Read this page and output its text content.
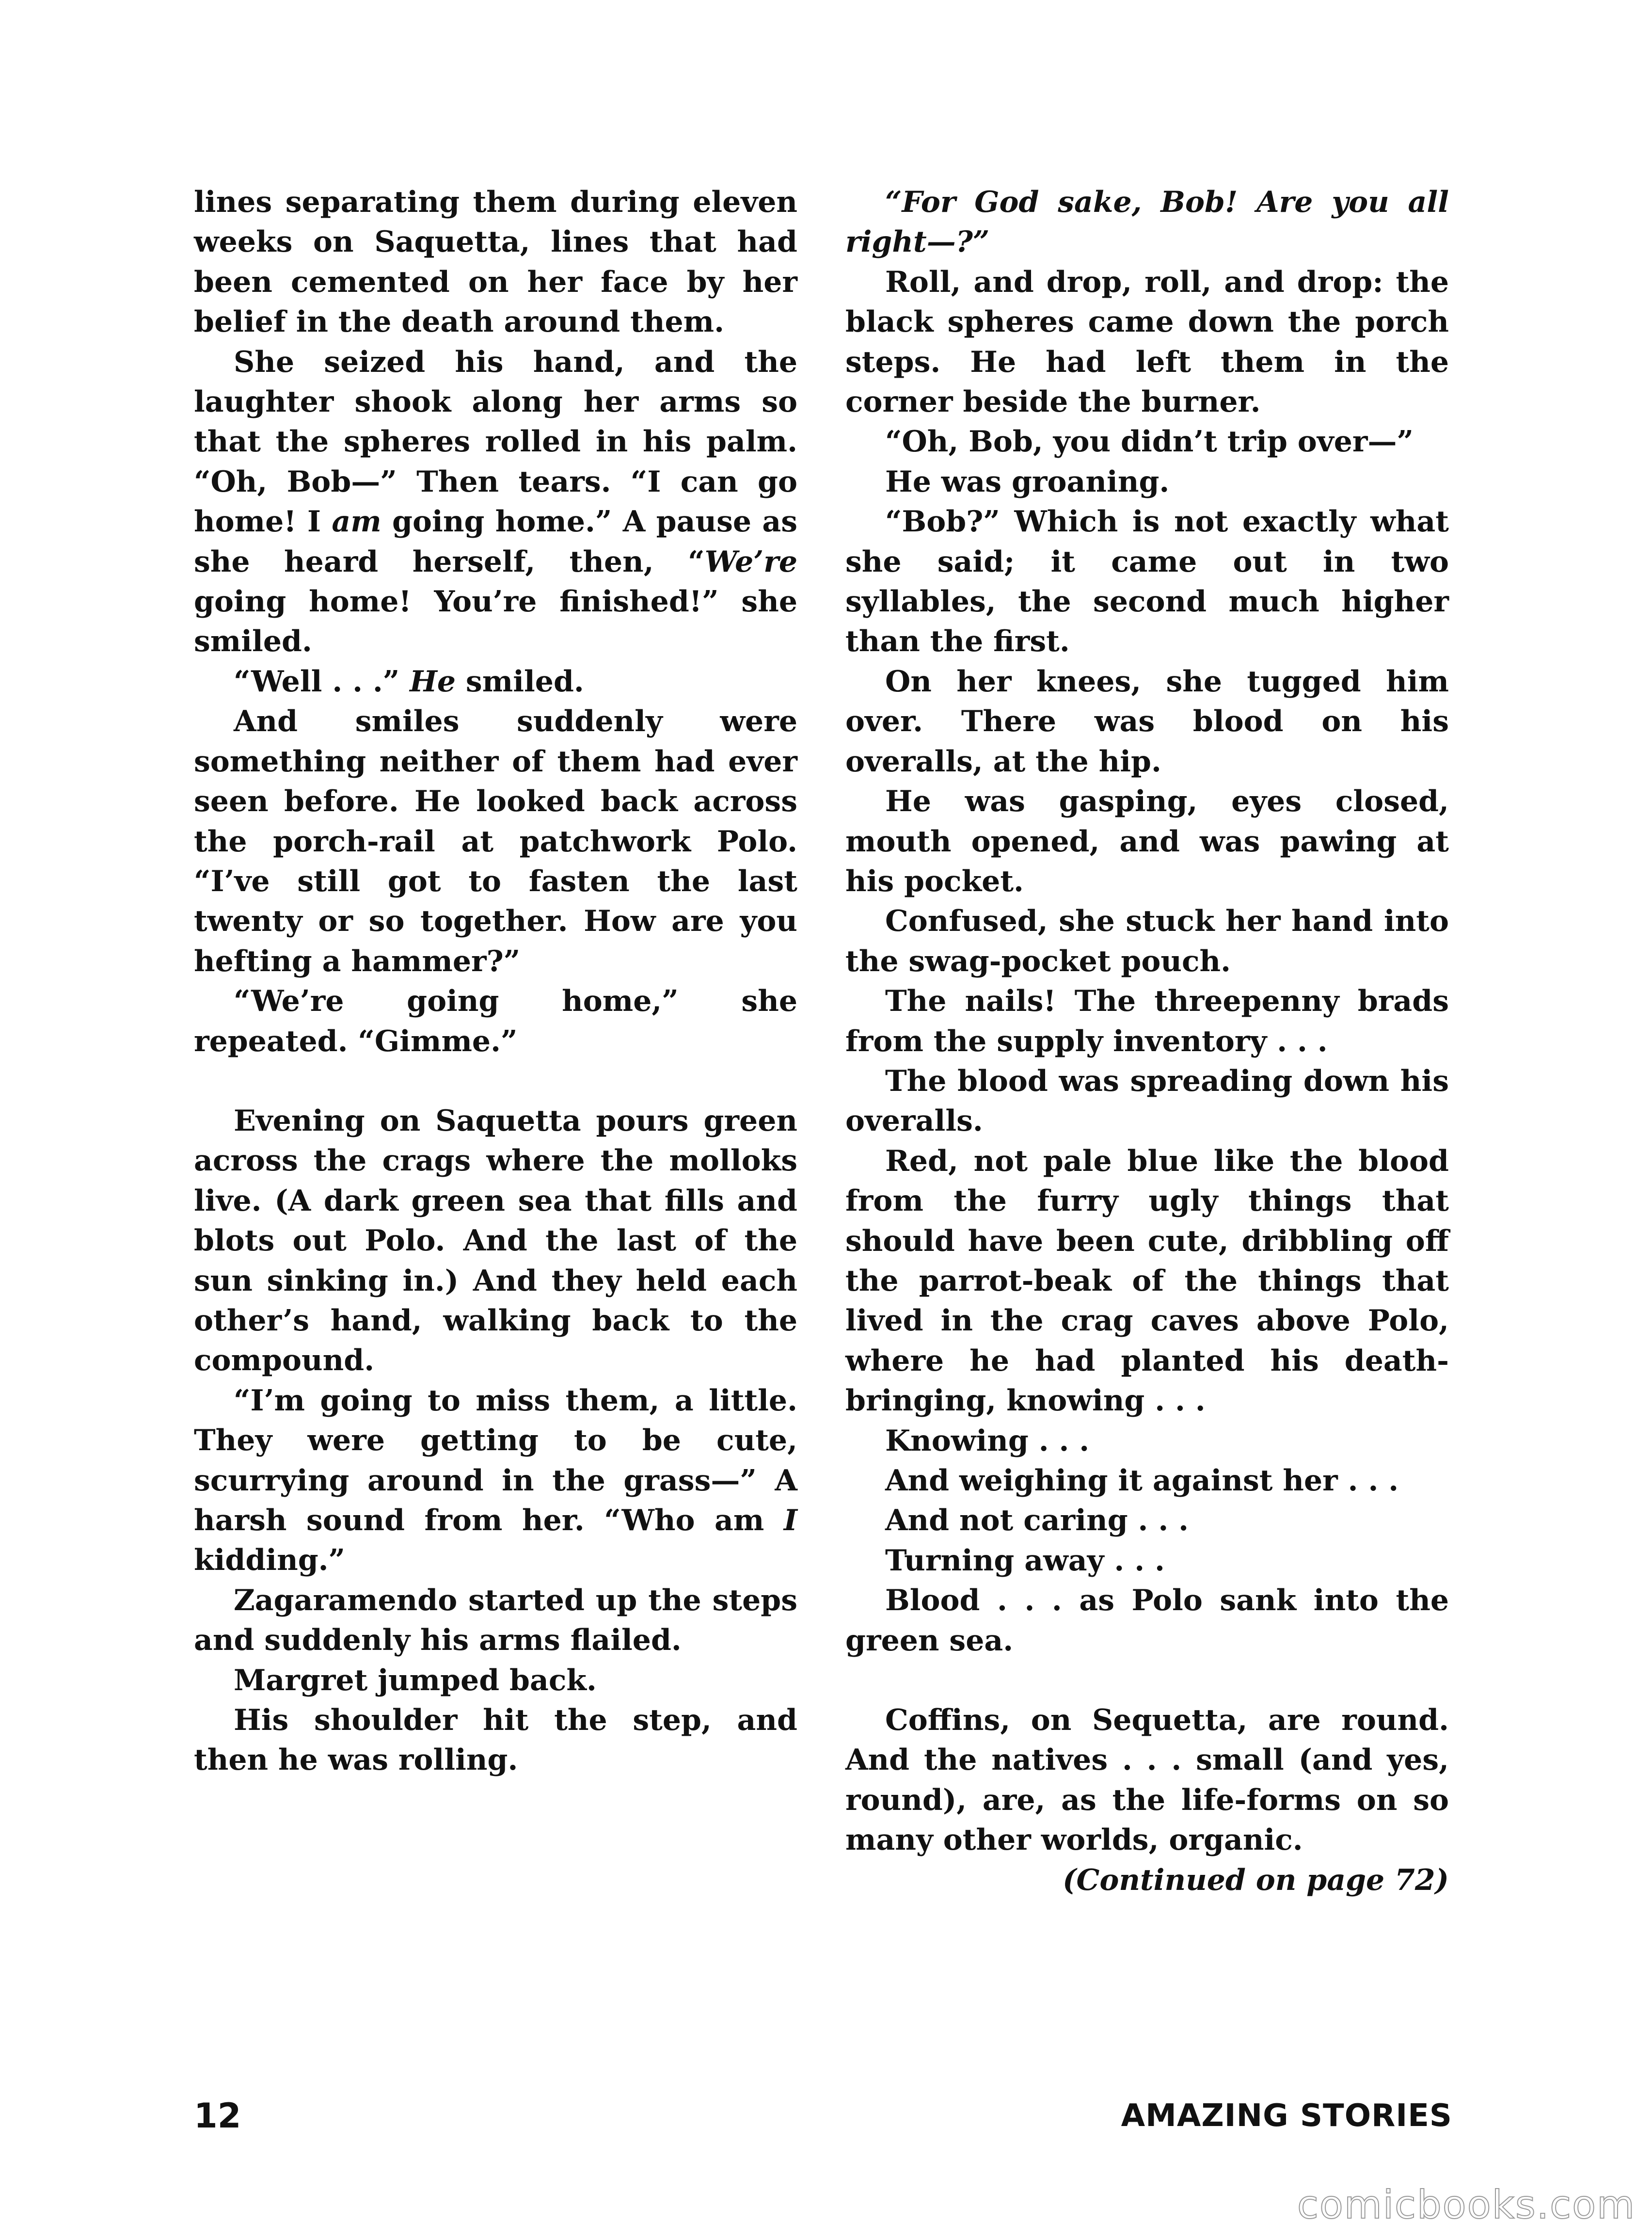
lines separating them during eleven weeks on Saquetta, lines that had been cemented on her face by her belief in the death around them.

She seized his hand, and the laughter shook along her arms so that the spheres rolled in his palm. “Oh, Bob—” Then tears. “I can go home! I am going home.” A pause as she heard herself, then, “We’re going home! You’re finished!” she smiled.

“Well . . .” He smiled.

And smiles suddenly were something neither of them had ever seen before. He looked back across the porch-rail at patchwork Polo. “I’ve still got to fasten the last twenty or so together. How are you hefting a hammer?”

“We’re going home,” she repeated. “Gimme.”

Evening on Saquetta pours green across the crags where the molloks live. (A dark green sea that fills and blots out Polo. And the last of the sun sinking in.) And they held each other’s hand, walking back to the compound.

“I’m going to miss them, a little. They were getting to be cute, scurrying around in the grass—” A harsh sound from her. “Who am I kidding.”

Zagaramendo started up the steps and suddenly his arms flailed.

Margret jumped back.

His shoulder hit the step, and then he was rolling.

“For God sake, Bob! Are you all right—?”

Roll, and drop, roll, and drop: the black spheres came down the porch steps. He had left them in the corner beside the burner.

“Oh, Bob, you didn’t trip over—”

He was groaning.

“Bob?” Which is not exactly what she said; it came out in two syllables, the second much higher than the first.

On her knees, she tugged him over. There was blood on his overalls, at the hip.

He was gasping, eyes closed, mouth opened, and was pawing at his pocket.

Confused, she stuck her hand into the swag-pocket pouch.

The nails! The threepenny brads from the supply inventory . . .

The blood was spreading down his overalls.

Red, not pale blue like the blood from the furry ugly things that should have been cute, dribbling off the parrot-beak of the things that lived in the crag caves above Polo, where he had planted his death-bringing, knowing . . .

Knowing . . .

And weighing it against her . . .

And not caring . . .

Turning away . . .

Blood . . . as Polo sank into the green sea.

Coffins, on Sequetta, are round. And the natives . . . small (and yes, round), are, as the life-forms on so many other worlds, organic.

(Continued on page 72)

12	AMAZING STORIES
comicbooks.com
